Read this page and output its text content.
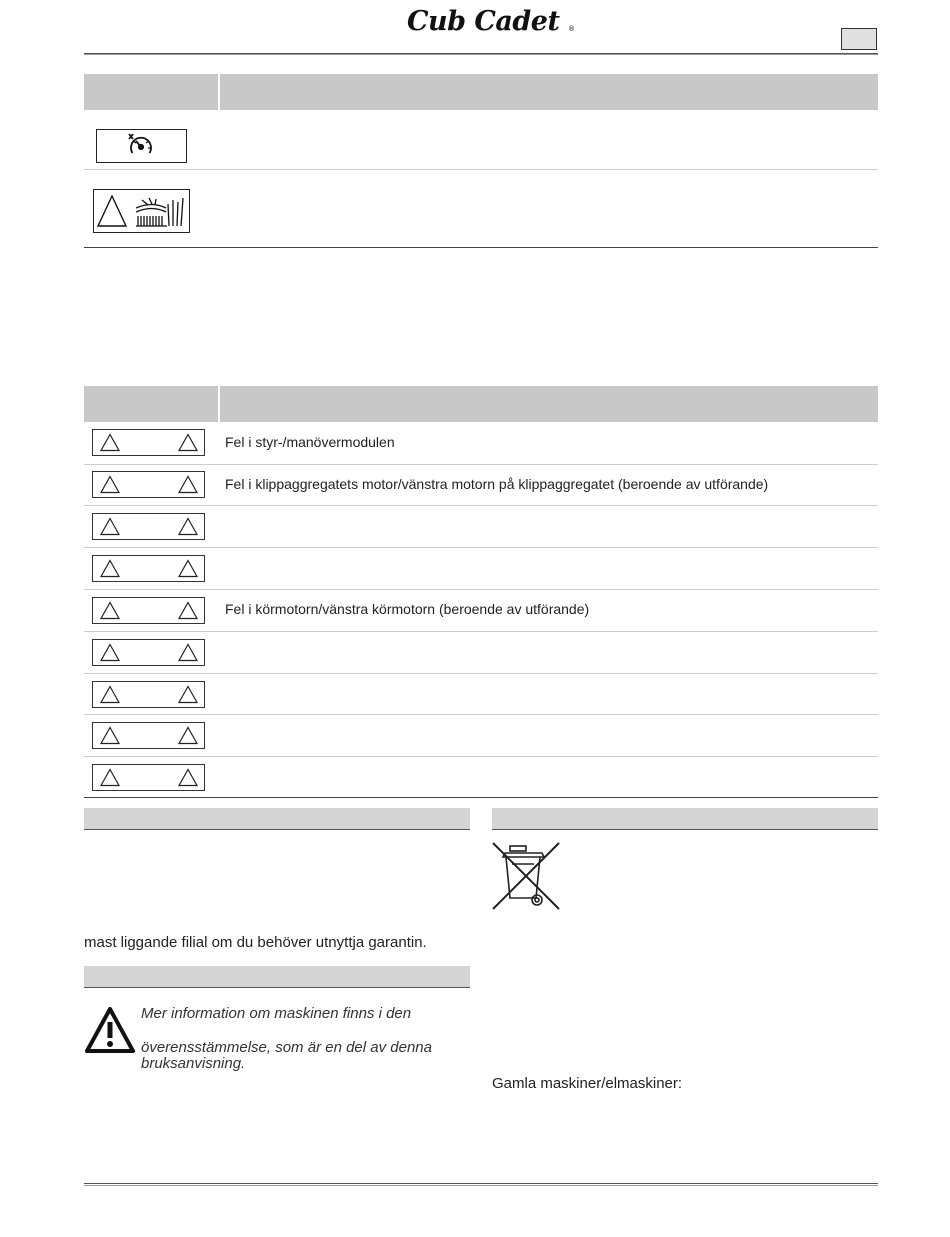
Cub Cadet ®
Fel i styr-/manövermodulen
Fel i klippaggregatets motor/vänstra motorn på klippaggregatet (beroende av utförande)
Fel i körmotorn/vänstra körmotorn (beroende av utförande)
mast liggande filial om du behöver utnyttja garantin.
Mer information om maskinen finns i den
överensstämmelse, som är en del av denna
bruksanvisning.
Gamla maskiner/elmaskiner:
